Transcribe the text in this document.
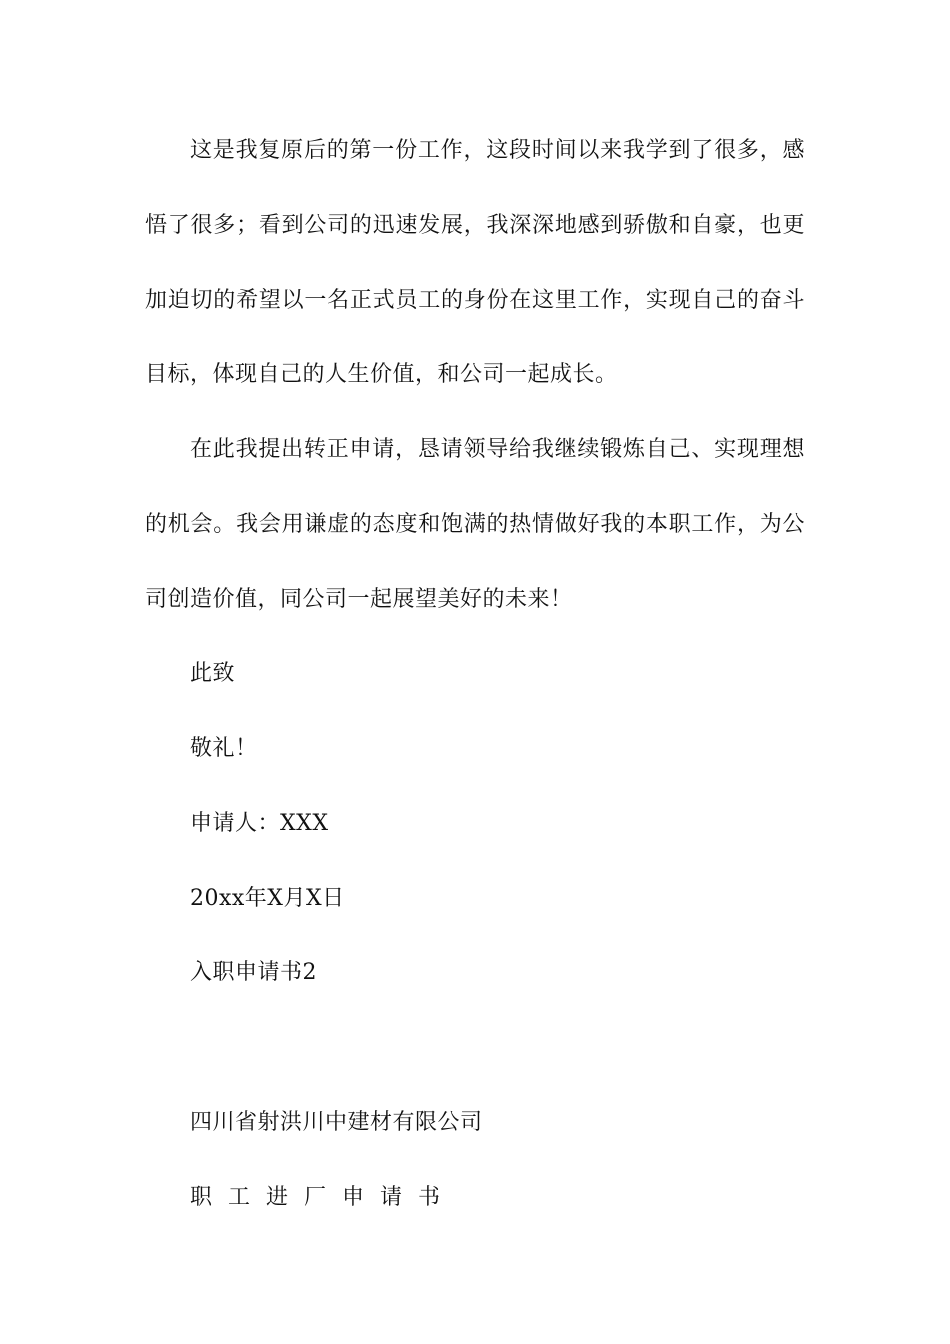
这是我复原后的第一份工作，这段时间以来我学到了很多，感
悟了很多；看到公司的迅速发展，我深深地感到骄傲和自豪，也更
加迫切的希望以一名正式员工的身份在这里工作，实现自己的奋斗
目标，体现自己的人生价值，和公司一起成长。
在此我提出转正申请，恳请领导给我继续锻炼自己、实现理想
的机会。我会用谦虚的态度和饱满的热情做好我的本职工作，为公
司创造价值，同公司一起展望美好的未来！
此致
敬礼！
申请人：XXX
20xx年X月X日
入职申请书2
四川省射洪川中建材有限公司
职工进厂申请书
